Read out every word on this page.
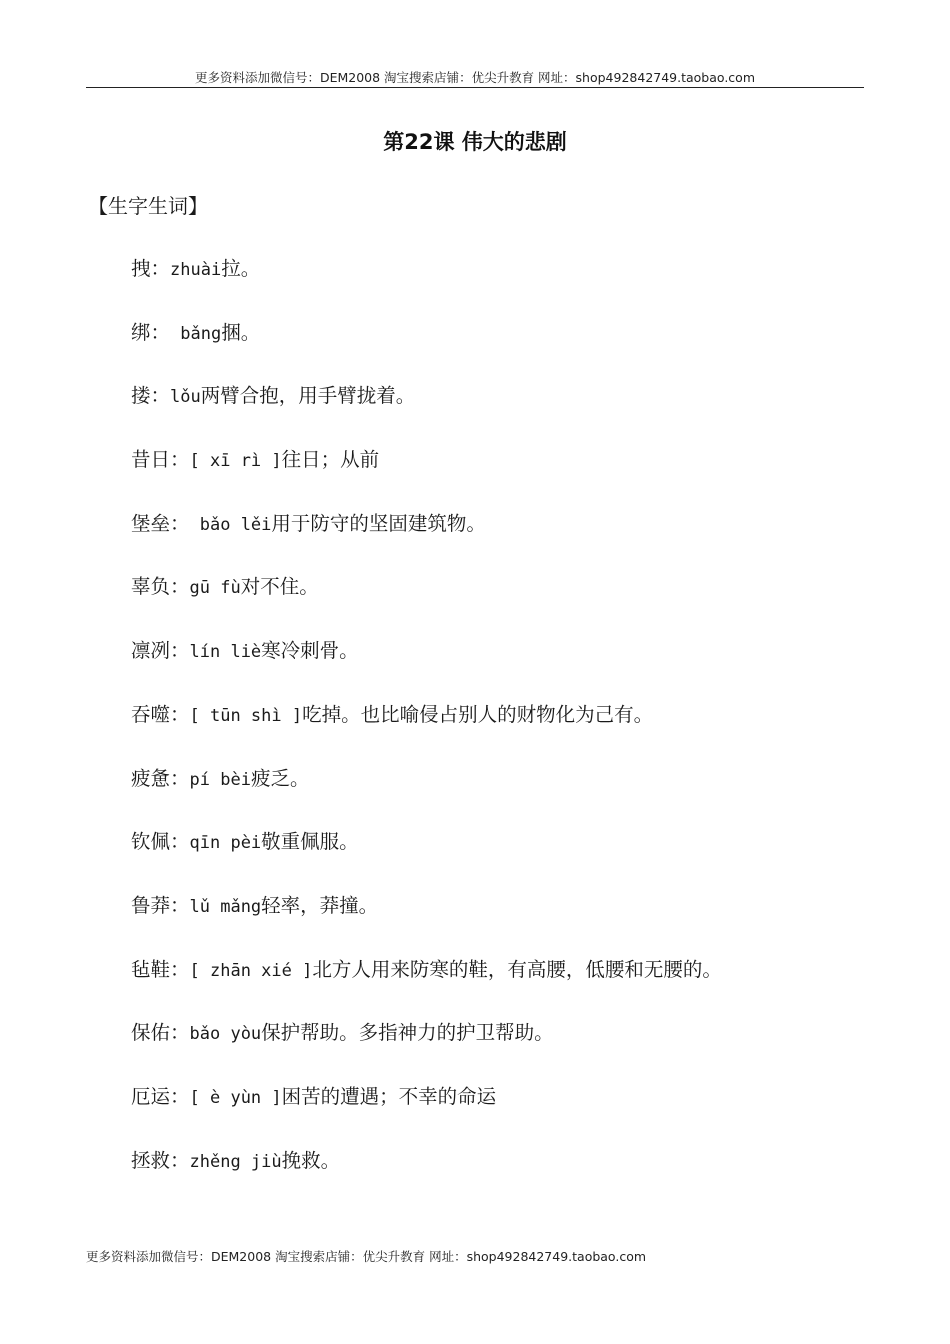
更多资料添加微信号：DEM2008 淘宝搜索店铺：优尖升教育 网址：shop492842749.taobao.com
第22课 伟大的悲剧
【生字生词】
拽：zhuài拉。
绑： bǎng捆。
搂：lǒu两臂合抱，用手臂拢着。
昔日：[ xī rì ]往日；从前
堡垒： bǎo lěi用于防守的坚固建筑物。
辜负：gū fù对不住。
凛冽：lín liè寒冷刺骨。
吞噬：[ tūn shì ]吃掉。也比喻侵占别人的财物化为己有。
疲惫：pí bèi疲乏。
钦佩：qīn pèi敬重佩服。
鲁莽：lǔ mǎng轻率，莽撞。
毡鞋：[ zhān xié ]北方人用来防寒的鞋，有高腰，低腰和无腰的。
保佑：bǎo yòu保护帮助。多指神力的护卫帮助。
厄运：[ è yùn ]困苦的遭遇；不幸的命运
拯救：zhěng jiù挽救。
更多资料添加微信号：DEM2008 淘宝搜索店铺：优尖升教育 网址：shop492842749.taobao.com
